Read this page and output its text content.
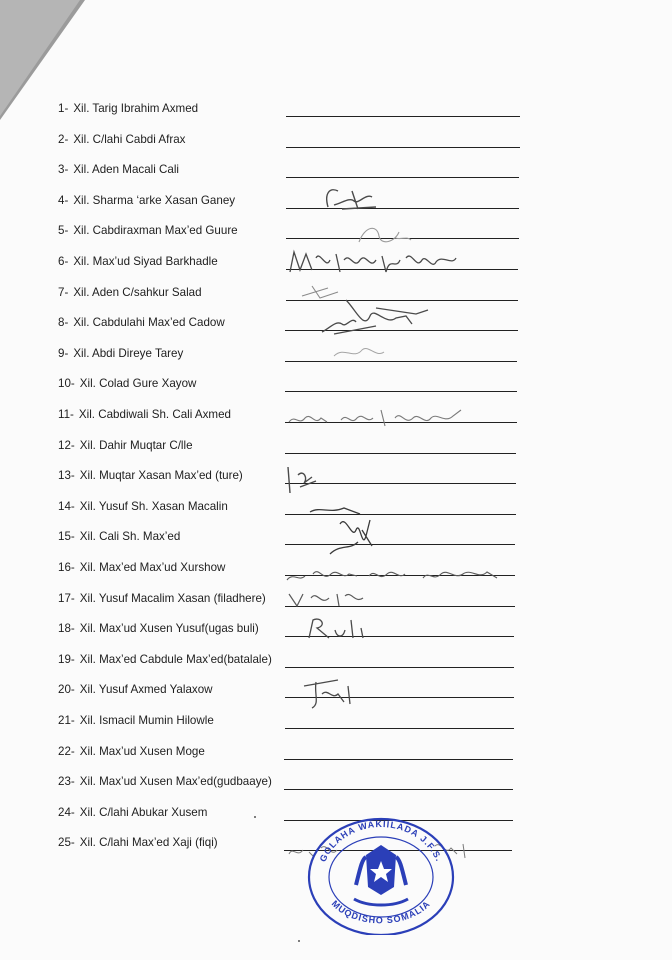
1- Xil. Tarig Ibrahim Axmed
2- Xil. C/lahi Cabdi Afrax
3- Xil. Aden Macali Cali
4- Xil. Sharma ‘arke Xasan Ganey
5- Xil. Cabdiraxman Max’ed Guure
6- Xil. Max’ud Siyad Barkhadle
7- Xil. Aden C/sahkur Salad
8- Xil. Cabdulahi Max’ed Cadow
9- Xil. Abdi Direye Tarey
10- Xil. Colad Gure Xayow
11- Xil. Cabdiwali Sh. Cali Axmed
12- Xil. Dahir Muqtar C/lle
13- Xil. Muqtar Xasan Max’ed (ture)
14- Xil. Yusuf Sh. Xasan Macalin
15- Xil. Cali Sh. Max’ed
16- Xil. Max’ed Max’ud Xurshow
17- Xil. Yusuf Macalim Xasan (filadhere)
18- Xil. Max’ud Xusen Yusuf(ugas buli)
19- Xil. Max’ed Cabdule Max’ed(batalale)
20- Xil. Yusuf Axmed Yalaxow
21- Xil. Ismacil Mumin Hilowle
22- Xil. Max’ud Xusen Moge
23- Xil. Max’ud Xusen Max’ed(gudbaaye)
24- Xil. C/lahi Abukar Xusem
25- Xil. C/lahi Max’ed Xaji (fiqi)
GOLAHA WAKIILADA J.F.S.
MUQDISHO SOMALIA
